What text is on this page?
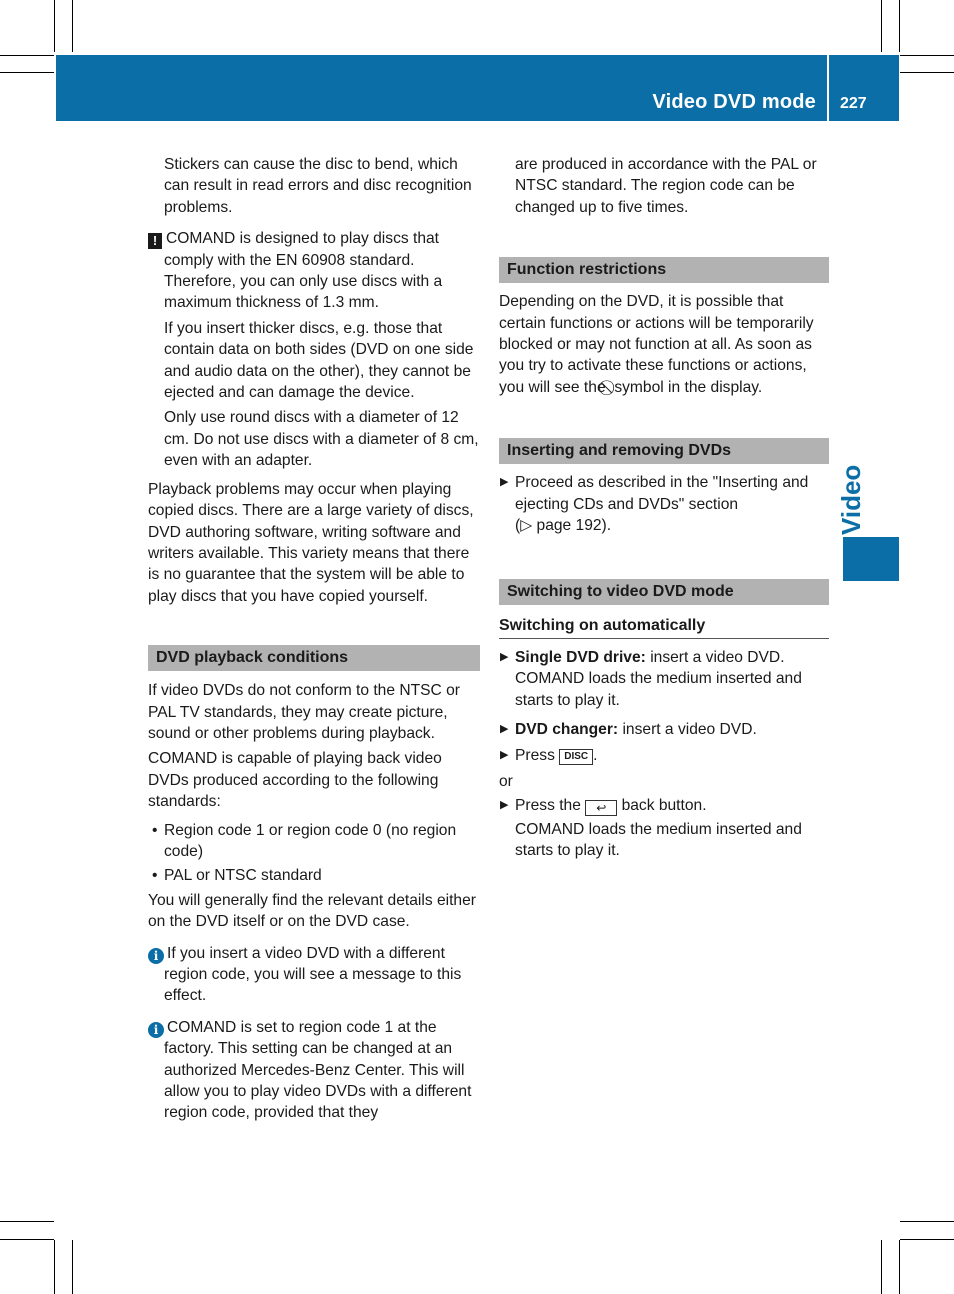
Video DVD mode 227
Video

Stickers can cause the disc to bend, which can result in read errors and disc recognition problems.

! COMAND is designed to play discs that comply with the EN 60908 standard. Therefore, you can only use discs with a maximum thickness of 1.3 mm.

If you insert thicker discs, e.g. those that contain data on both sides (DVD on one side and audio data on the other), they cannot be ejected and can damage the device.

Only use round discs with a diameter of 12 cm. Do not use discs with a diameter of 8 cm, even with an adapter.

Playback problems may occur when playing copied discs. There are a large variety of discs, DVD authoring software, writing software and writers available. This variety means that there is no guarantee that the system will be able to play discs that you have copied yourself.

DVD playback conditions

If video DVDs do not conform to the NTSC or PAL TV standards, they may create picture, sound or other problems during playback.

COMAND is capable of playing back video DVDs produced according to the following standards:

• Region code 1 or region code 0 (no region code)
• PAL or NTSC standard

You will generally find the relevant details either on the DVD itself or on the DVD case.

i If you insert a video DVD with a different region code, you will see a message to this effect.

i COMAND is set to region code 1 at the factory. This setting can be changed at an authorized Mercedes-Benz Center. This will allow you to play video DVDs with a different region code, provided that they

are produced in accordance with the PAL or NTSC standard. The region code can be changed up to five times.

Function restrictions

Depending on the DVD, it is possible that certain functions or actions will be temporarily blocked or may not function at all. As soon as you try to activate these functions or actions, you will see the symbol in the display.

Inserting and removing DVDs
▶ Proceed as described in the "Inserting and ejecting CDs and DVDs" section
(▷ page 192).
Switching to video DVD mode
Switching on automatically
▶ Single DVD drive: insert a video DVD.

COMAND loads the medium inserted and starts to play it.

▶ DVD changer: insert a video DVD.
▶ Press DISC .

or

▶ Press the ↩ back button.

COMAND loads the medium inserted and starts to play it.
